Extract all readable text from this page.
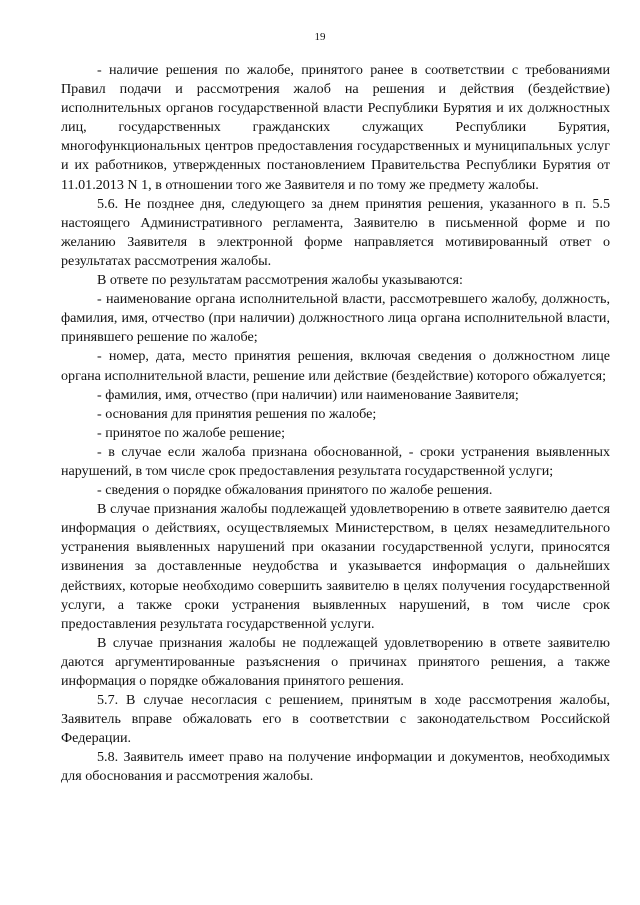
19

- наличие решения по жалобе, принятого ранее в соответствии с требованиями Правил подачи и рассмотрения жалоб на решения и действия (бездействие) исполнительных органов государственной власти Республики Бурятия и их должностных лиц, государственных гражданских служащих Республики Бурятия, многофункциональных центров предоставления государственных и муниципальных услуг и их работников, утвержденных постановлением Правительства Республики Бурятия от 11.01.2013 N 1, в отношении того же Заявителя и по тому же предмету жалобы.

5.6. Не позднее дня, следующего за днем принятия решения, указанного в п. 5.5 настоящего Административного регламента, Заявителю в письменной форме и по желанию Заявителя в электронной форме направляется мотивированный ответ о результатах рассмотрения жалобы.

В ответе по результатам рассмотрения жалобы указываются:

- наименование органа исполнительной власти, рассмотревшего жалобу, должность, фамилия, имя, отчество (при наличии) должностного лица органа исполнительной власти, принявшего решение по жалобе;

- номер, дата, место принятия решения, включая сведения о должностном лице органа исполнительной власти, решение или действие (бездействие) которого обжалуется;

- фамилия, имя, отчество (при наличии) или наименование Заявителя;

- основания для принятия решения по жалобе;

- принятое по жалобе решение;

- в случае если жалоба признана обоснованной, - сроки устранения выявленных нарушений, в том числе срок предоставления результата государственной услуги;

- сведения о порядке обжалования принятого по жалобе решения.

В случае признания жалобы подлежащей удовлетворению в ответе заявителю дается информация о действиях, осуществляемых Министерством, в целях незамедлительного устранения выявленных нарушений при оказании государственной услуги, приносятся извинения за доставленные неудобства и указывается информация о дальнейших действиях, которые необходимо совершить заявителю в целях получения государственной услуги, а также сроки устранения выявленных нарушений, в том числе срок предоставления результата государственной услуги.

В случае признания жалобы не подлежащей удовлетворению в ответе заявителю даются аргументированные разъяснения о причинах принятого решения, а также информация о порядке обжалования принятого решения.

5.7. В случае несогласия с решением, принятым в ходе рассмотрения жалобы, Заявитель вправе обжаловать его в соответствии с законодательством Российской Федерации.

5.8. Заявитель имеет право на получение информации и документов, необходимых для обоснования и рассмотрения жалобы.
